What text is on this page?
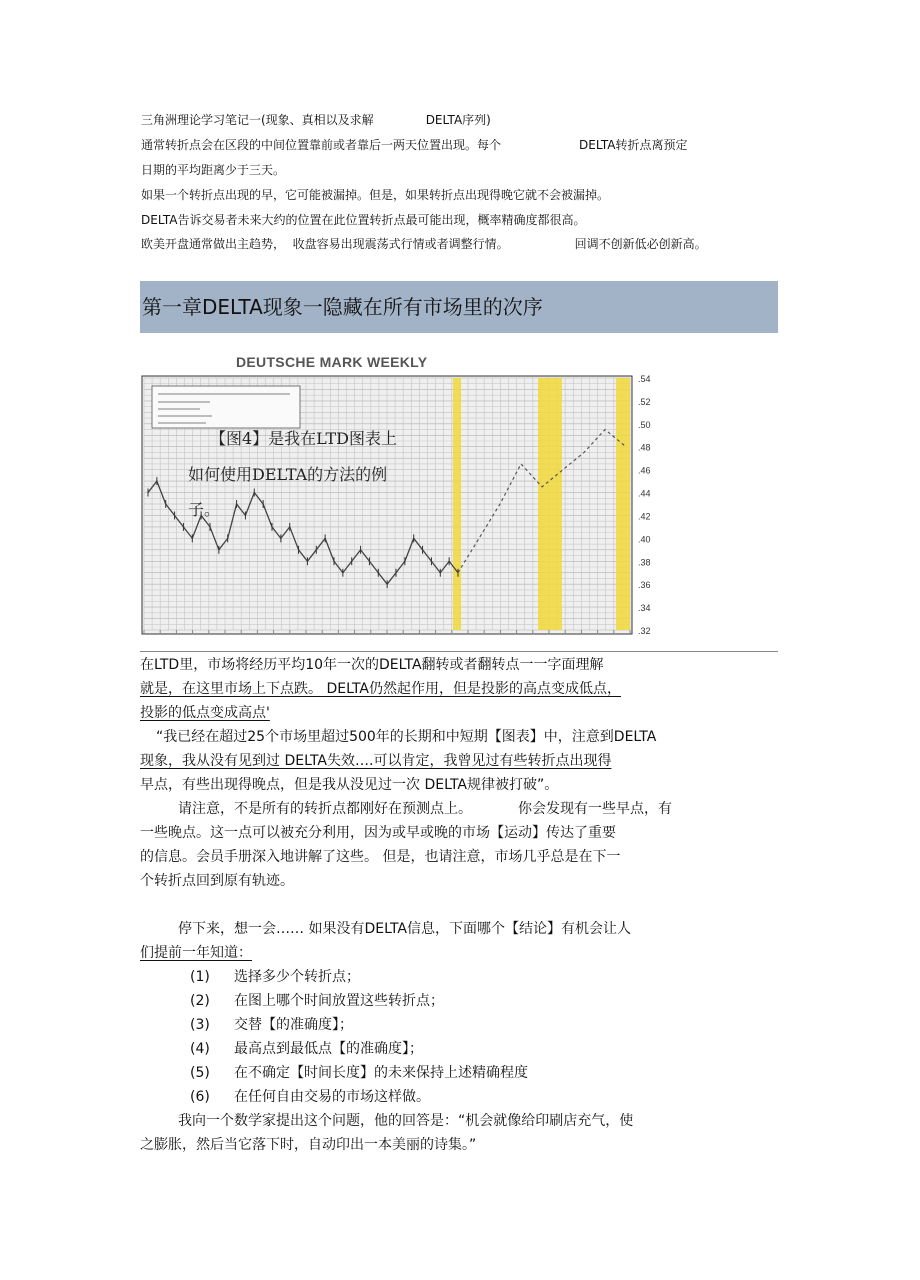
三角洲理论学习笔记一(现象、真相以及求解	DELTA序列)
通常转折点会在区段的中间位置靠前或者靠后一两天位置出现。每个	DELTA转折点离预定
日期的平均距离少于三天。
如果一个转折点出现的早，它可能被漏掉。但是，如果转折点出现得晚它就不会被漏掉。
DELTA告诉交易者未来大约的位置在此位置转折点最可能出现，概率精确度都很高。
欧美开盘通常做出主趋势，  收盘容易出现震荡式行情或者调整行情。	回调不创新低必创新高。
第一章DELTA现象一隐藏在所有市场里的次序
DEUTSCHE MARK WEEKLY
.54
.52
.50
.48
.46
.44
.42
.40
.38
.36
.34
.32
【图4】是我在LTD图表上
如何使用DELTA的方法的例
子。
在LTD里，市场将经历平均10年一次的DELTA翻转或者翻转点一一字面理解
就是，在这里市场上下点跌。 DELTA仍然起作用，但是投影的高点变成低点，
投影的低点变成高点'
“我已经在超过25个市场里超过500年的长期和中短期【图表】中，注意到DELTA
现象，我从没有见到过 DELTA失效….可以肯定，我曾见过有些转折点出现得
早点，有些出现得晚点，但是我从没见过一次 DELTA规律被打破”。
请注意，不是所有的转折点都刚好在预测点上。	你会发现有一些早点，有
一些晚点。这一点可以被充分利用，因为或早或晚的市场【运动】传达了重要
的信息。会员手册深入地讲解了这些。 但是，也请注意，市场几乎总是在下一
个转折点回到原有轨迹。
停下来，想一会…… 如果没有DELTA信息，下面哪个【结论】有机会让人
们提前一年知道：
(1) 选择多少个转折点；
(2) 在图上哪个时间放置这些转折点；
(3) 交替【的准确度】；
(4) 最高点到最低点【的准确度】；
(5) 在不确定【时间长度】的未来保持上述精确程度
(6) 在任何自由交易的市场这样做。
我向一个数学家提出这个问题，他的回答是：“机会就像给印刷店充气，使
之膨胀，然后当它落下时，自动印出一本美丽的诗集。”
